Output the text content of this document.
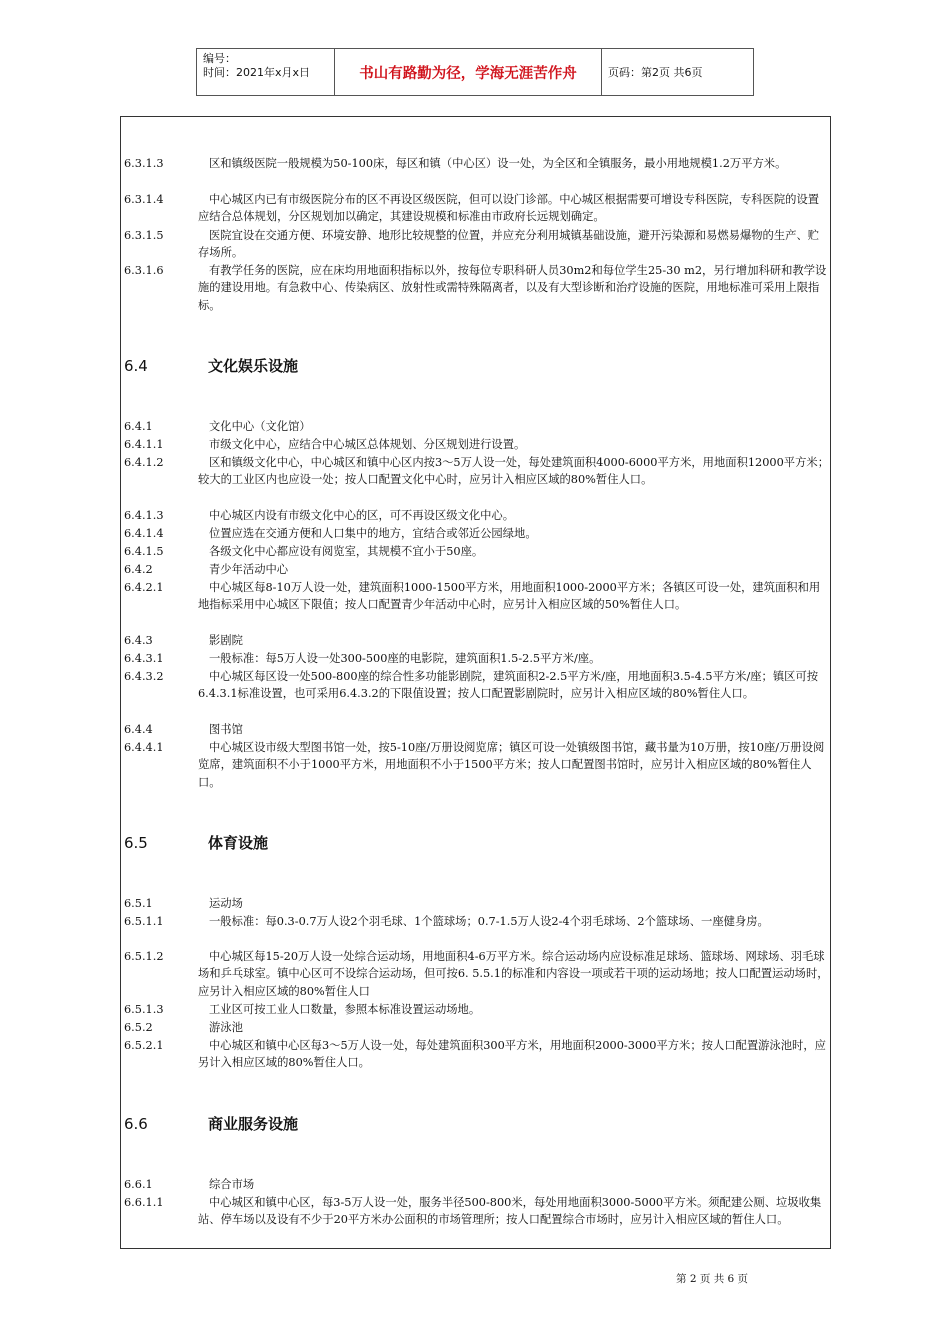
编号：
时间：2021年x月x日	书山有路勤为径，学海无涯苦作舟	页码：第2页 共6页
6.3.1.3	区和镇级医院一般规模为50-100床，每区和镇（中心区）设一处，为全区和全镇服务，最小用地规模1.2万平方米。
6.3.1.4	中心城区内已有市级医院分布的区不再设区级医院，但可以设门诊部。中心城区根据需要可增设专科医院，专科医院的设置应结合总体规划，分区规划加以确定，其建设规模和标准由市政府长远规划确定。
6.3.1.5	医院宜设在交通方便、环境安静、地形比较规整的位置，并应充分利用城镇基础设施，避开污染源和易燃易爆物的生产、贮存场所。
6.3.1.6	有教学任务的医院，应在床均用地面积指标以外，按每位专职科研人员30m2和每位学生25-30 m2，另行增加科研和教学设施的建设用地。有急救中心、传染病区、放射性或需特殊隔离者，以及有大型诊断和治疗设施的医院，用地标准可采用上限指标。
6.4	文化娱乐设施
6.4.1	文化中心（文化馆）
6.4.1.1	市级文化中心，应结合中心城区总体规划、分区规划进行设置。
6.4.1.2	区和镇级文化中心，中心城区和镇中心区内按3～5万人设一处，每处建筑面积4000-6000平方米，用地面积12000平方米；较大的工业区内也应设一处；按人口配置文化中心时，应另计入相应区域的80%暂住人口。
6.4.1.3	中心城区内设有市级文化中心的区，可不再设区级文化中心。
6.4.1.4	位置应选在交通方便和人口集中的地方，宜结合或邻近公园绿地。
6.4.1.5	各级文化中心都应设有阅览室，其规模不宜小于50座。
6.4.2	青少年活动中心
6.4.2.1	中心城区每8-10万人设一处，建筑面积1000-1500平方米，用地面积1000-2000平方米；各镇区可设一处，建筑面积和用地指标采用中心城区下限值；按人口配置青少年活动中心时，应另计入相应区域的50%暂住人口。
6.4.3	影剧院
6.4.3.1	一般标准：每5万人设一处300-500座的电影院，建筑面积1.5-2.5平方米/座。
6.4.3.2	中心城区每区设一处500-800座的综合性多功能影剧院，建筑面积2-2.5平方米/座，用地面积3.5-4.5平方米/座；镇区可按6.4.3.1标准设置，也可采用6.4.3.2的下限值设置；按人口配置影剧院时，应另计入相应区域的80%暂住人口。
6.4.4	图书馆
6.4.4.1	中心城区设市级大型图书馆一处，按5-10座/万册设阅览席；镇区可设一处镇级图书馆，藏书量为10万册，按10座/万册设阅览席，建筑面积不小于1000平方米，用地面积不小于1500平方米；按人口配置图书馆时，应另计入相应区域的80%暂住人口。
6.5	体育设施
6.5.1	运动场
6.5.1.1	一般标准：每0.3-0.7万人设2个羽毛球、1个篮球场；0.7-1.5万人设2-4个羽毛球场、2个篮球场、一座健身房。
6.5.1.2	中心城区每15-20万人设一处综合运动场，用地面积4-6万平方米。综合运动场内应设标准足球场、篮球场、网球场、羽毛球场和乒乓球室。镇中心区可不设综合运动场，但可按6. 5.5.1的标准和内容设一项或若干项的运动场地；按人口配置运动场时，应另计入相应区域的80%暂住人口
6.5.1.3	工业区可按工业人口数量，参照本标准设置运动场地。
6.5.2	游泳池
6.5.2.1	中心城区和镇中心区每3～5万人设一处，每处建筑面积300平方米，用地面积2000-3000平方米；按人口配置游泳池时，应另计入相应区域的80%暂住人口。
6.6	商业服务设施
6.6.1	综合市场
6.6.1.1	中心城区和镇中心区，每3-5万人设一处，服务半径500-800米，每处用地面积3000-5000平方米。须配建公厕、垃圾收集站、停车场以及设有不少于20平方米办公面积的市场管理所；按人口配置综合市场时，应另计入相应区域的暂住人口。
第 2 页 共 6 页
